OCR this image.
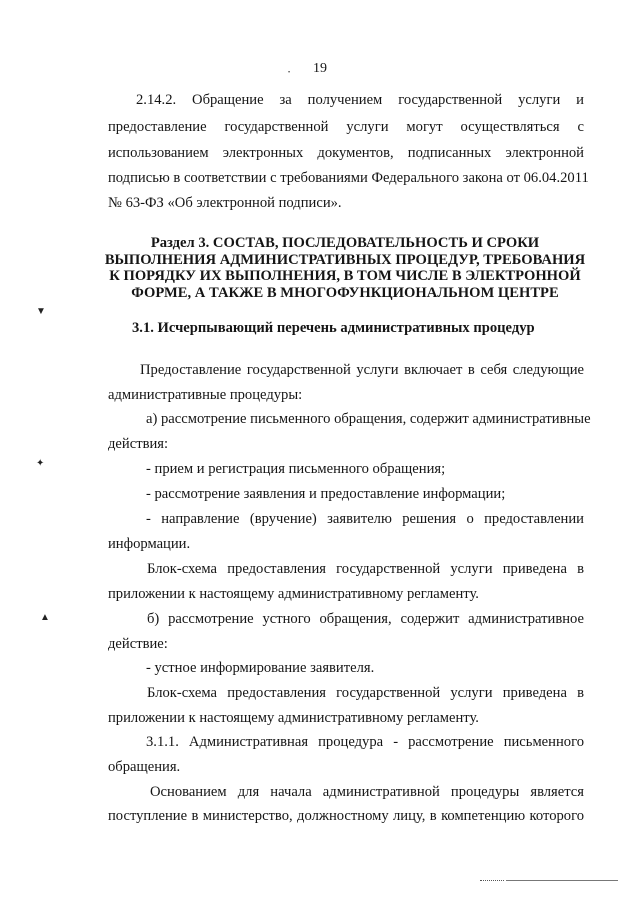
19
2.14.2. Обращение за получением государственной услуги и
предоставление государственной услуги могут осуществляться с
использованием электронных документов, подписанных электронной
подписью в соответствии с требованиями Федерального закона от 06.04.2011
№ 63-ФЗ «Об электронной подписи».
Раздел 3. СОСТАВ, ПОСЛЕДОВАТЕЛЬНОСТЬ И СРОКИ
ВЫПОЛНЕНИЯ АДМИНИСТРАТИВНЫХ ПРОЦЕДУР, ТРЕБОВАНИЯ
К ПОРЯДКУ ИХ ВЫПОЛНЕНИЯ, В ТОМ ЧИСЛЕ В ЭЛЕКТРОННОЙ
ФОРМЕ, А ТАКЖЕ В МНОГОФУНКЦИОНАЛЬНОМ ЦЕНТРЕ
3.1. Исчерпывающий перечень административных процедур
Предоставление государственной услуги включает в себя следующие
административные процедуры:
а) рассмотрение письменного обращения, содержит административные
действия:
- прием и регистрация письменного обращения;
- рассмотрение заявления и предоставление информации;
- направление (вручение) заявителю решения о предоставлении
информации.
Блок-схема предоставления государственной услуги приведена в
приложении к настоящему административному регламенту.
б) рассмотрение устного обращения, содержит административное
действие:
- устное информирование заявителя.
Блок-схема предоставления государственной услуги приведена в
приложении к настоящему административному регламенту.
3.1.1. Административная процедура - рассмотрение письменного
обращения.
Основанием для начала административной процедуры является
поступление в министерство, должностному лицу, в компетенцию которого
▼
✦
▲
•
